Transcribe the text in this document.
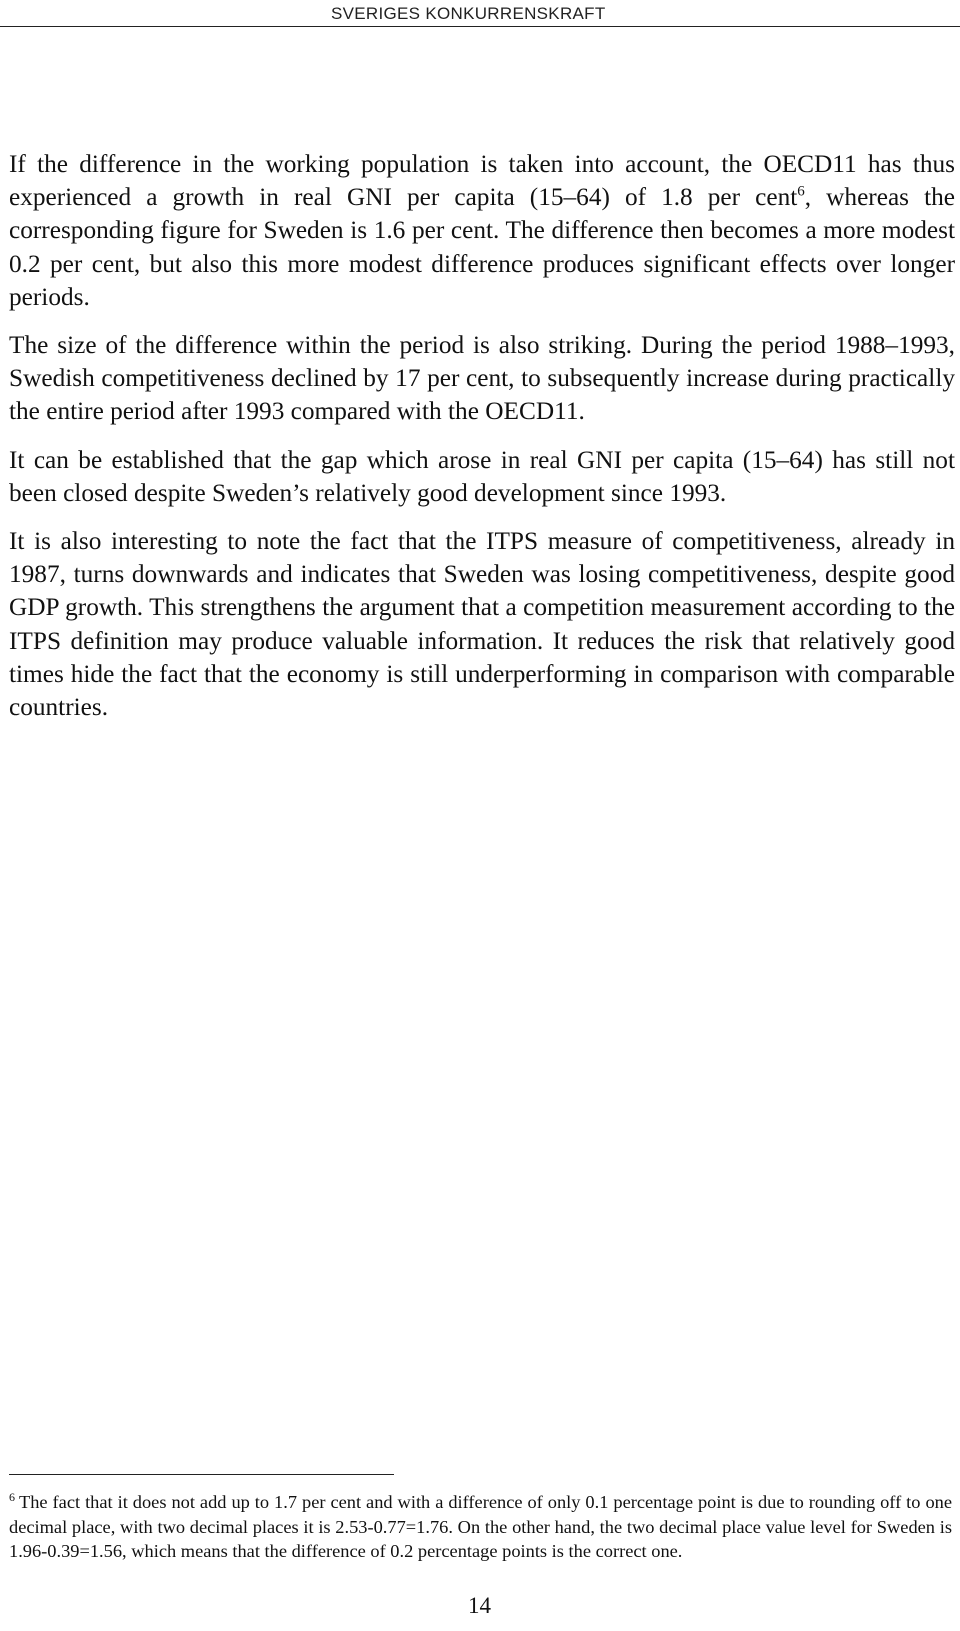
SVERIGES KONKURRENSKRAFT

If the difference in the working population is taken into account, the OECD11 has thus experienced a growth in real GNI per capita (15–64) of 1.8 per cent$^6$, whereas the corresponding figure for Sweden is 1.6 per cent. The difference then becomes a more modest 0.2 per cent, but also this more modest difference produces significant effects over longer periods.

The size of the difference within the period is also striking. During the period 1988–1993, Swedish competitiveness declined by 17 per cent, to subsequently increase during practically the entire period after 1993 compared with the OECD11.

It can be established that the gap which arose in real GNI per capita (15–64) has still not been closed despite Sweden’s relatively good development since 1993.

It is also interesting to note the fact that the ITPS measure of competitiveness, already in 1987, turns downwards and indicates that Sweden was losing competitiveness, despite good GDP growth. This strengthens the argument that a competition measurement according to the ITPS definition may produce valuable information. It reduces the risk that relatively good times hide the fact that the economy is still underperforming in comparison with comparable countries.

$^6$ The fact that it does not add up to 1.7 per cent and with a difference of only 0.1 percentage point is due to rounding off to one decimal place, with two decimal places it is 2.53-0.77=1.76. On the other hand, the two decimal place value level for Sweden is 1.96-0.39=1.56, which means that the difference of 0.2 percentage points is the correct one.

14
